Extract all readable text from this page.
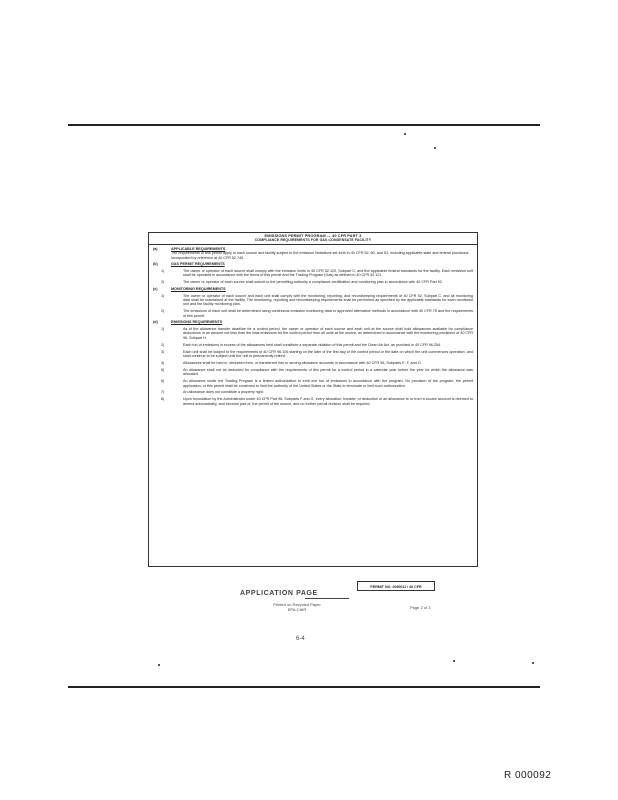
EMISSIONS PERMIT PROGRAM — 40 CFR PART 3
COMPLIANCE REQUIREMENTS FOR GAS CONDENSATE FACILITY
(a)	APPLICABLE REQUIREMENTS
The requirements of this permit apply to each source and facility subject to the emission limitations set forth in 40 CFR 52, 60, and 63, including applicable state and federal provisions incorporated by reference at 40 CFR 52.740.
(b)	GAS PERMIT REQUIREMENTS
1)	The owner or operator of each source shall comply with the emission limits in 40 CFR 52.120, Subpart C, and the applicable federal standards for the facility. Each emission unit shall be operated in accordance with the terms of this permit and the Trading Program (Gas) as defined in 40 CFR 52.121.
2)	The owner or operator of each source shall submit to the permitting authority a compliance certification and monitoring plan in accordance with 40 CFR Part 52.
(c)	MONITORING REQUIREMENTS
1)	The owner or operator of each source and each unit shall comply with the monitoring, reporting, and recordkeeping requirements of 40 CFR 52, Subpart C, and all monitoring data shall be maintained at the facility. The monitoring, reporting and recordkeeping requirements shall be performed as specified by the applicable standards for each monitored unit and the facility monitoring plan.
2)	The emissions of each unit shall be determined using continuous emission monitoring data or approved alternative methods in accordance with 40 CFR 75 and the requirements of this permit.
(d)	EMISSIONS REQUIREMENTS
1)	As of the allowance transfer deadline for a control period, the owner or operator of each source and each unit at the source shall hold allowances available for compliance deductions in an amount not less than the total emissions for the control period from all units at the source, as determined in accordance with the monitoring provisions of 40 CFR 96, Subpart H.
2)	Each ton of emissions in excess of the allowances held shall constitute a separate violation of this permit and the Clean Air Act, as provided in 40 CFR 96.254.
3)	Each unit shall be subject to the requirements of 40 CFR 96.106 starting on the later of the first day of the control period or the date on which the unit commences operation, and shall continue to be subject until the unit is permanently retired.
4)	Allowances shall be held in, deducted from, or transferred into or among allowance accounts in accordance with 40 CFR 96, Subparts E, F, and G.
5)	An allowance shall not be deducted for compliance with the requirements of this permit for a control period in a calendar year before the year for which the allowance was allocated.
6)	An allowance under the Trading Program is a limited authorization to emit one ton of emissions in accordance with the program. No provision of the program, the permit application, or this permit shall be construed to limit the authority of the United States or the State to terminate or limit such authorization.
7)	An allowance does not constitute a property right.
8)	Upon recordation by the Administrator under 40 CFR Part 96, Subparts F and G, every allocation, transfer, or deduction of an allowance to or from a source account is deemed to amend automatically, and become part of, the permit of the source, and no further permit revision shall be required.
PERMIT NO. 2090011 / 40 CFR
APPLICATION PAGE
Printed on Recycled Paper
EPA-CAIR	Page 2 of 3
6-4
R 000092
